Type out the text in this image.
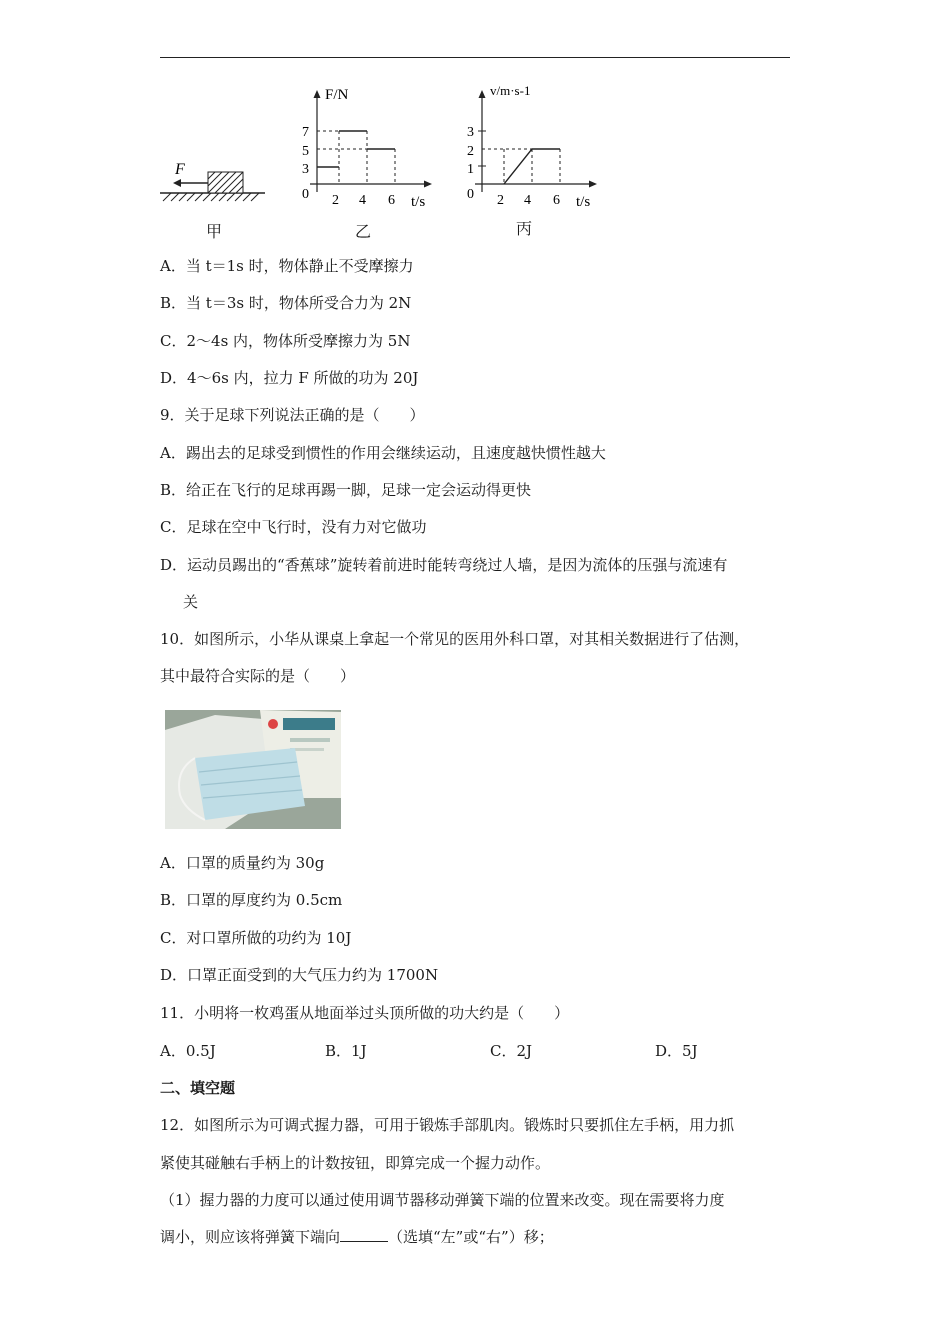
F
甲
F/N
t/s
0
7
5
3
2 4 6
乙
v/m·s-1
t/s
0
3
2
1
2 4 6
丙
A．当 t＝1s 时，物体静止不受摩擦力
B．当 t＝3s 时，物体所受合力为 2N
C．2～4s 内，物体所受摩擦力为 5N
D．4～6s 内，拉力 F 所做的功为 20J
9．关于足球下列说法正确的是（　　）
A．踢出去的足球受到惯性的作用会继续运动，且速度越快惯性越大
B．给正在飞行的足球再踢一脚，足球一定会运动得更快
C．足球在空中飞行时，没有力对它做功
D．运动员踢出的“香蕉球”旋转着前进时能转弯绕过人墙，是因为流体的压强与流速有
关
10．如图所示，小华从课桌上拿起一个常见的医用外科口罩，对其相关数据进行了估测，
其中最符合实际的是（　　）
A．口罩的质量约为 30g
B．口罩的厚度约为 0.5cm
C．对口罩所做的功约为 10J
D．口罩正面受到的大气压力约为 1700N
11．小明将一枚鸡蛋从地面举过头顶所做的功大约是（　　）
A．0.5J	B．1J	C．2J	D．5J
二、填空题
12．如图所示为可调式握力器，可用于锻炼手部肌肉。锻炼时只要抓住左手柄，用力抓
紧使其碰触右手柄上的计数按钮，即算完成一个握力动作。
（1）握力器的力度可以通过使用调节器移动弹簧下端的位置来改变。现在需要将力度
调小，则应该将弹簧下端向	（选填“左”或“右”）移；
